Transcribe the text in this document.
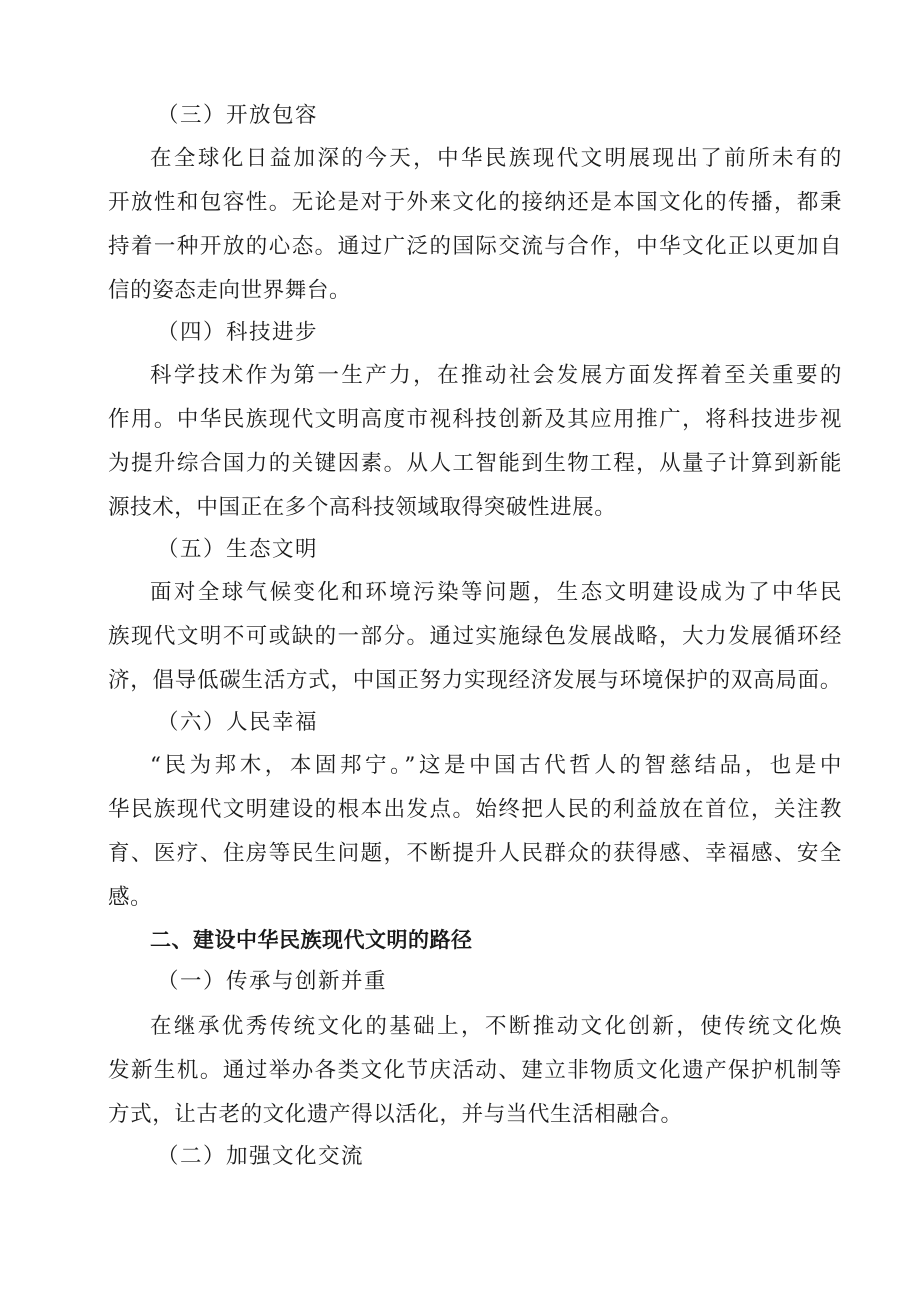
（三）开放包容
在全球化日益加深的今天，中华民族现代文明展现出了前所未有的
开放性和包容性。无论是对于外来文化的接纳还是本国文化的传播，都秉
持着一种开放的心态。通过广泛的国际交流与合作，中华文化正以更加自
信的姿态走向世界舞台。
（四）科技进步
科学技术作为第一生产力，在推动社会发展方面发挥着至关重要的
作用。中华民族现代文明高度市视科技创新及其应用推广，将科技进步视
为提升综合国力的关键因素。从人工智能到生物工程，从量子计算到新能
源技术，中国正在多个高科技领域取得突破性进展。
（五）生态文明
面对全球气候变化和环境污染等问题，生态文明建设成为了中华民
族现代文明不可或缺的一部分。通过实施绿色发展战略，大力发展循环经
济，倡导低碳生活方式，中国正努力实现经济发展与环境保护的双高局面。
（六）人民幸福
“民为邦木，本固邦宁。”这是中国古代哲人的智慈结品，也是中
华民族现代文明建设的根本出发点。始终把人民的利益放在首位，关注教
育、医疗、住房等民生问题，不断提升人民群众的获得感、幸福感、安全
感。
二、建设中华民族现代文明的路径
（一）传承与创新并重
在继承优秀传统文化的基础上，不断推动文化创新，使传统文化焕
发新生机。通过举办各类文化节庆活动、建立非物质文化遗产保护机制等
方式，让古老的文化遗产得以活化，并与当代生活相融合。
（二）加强文化交流
